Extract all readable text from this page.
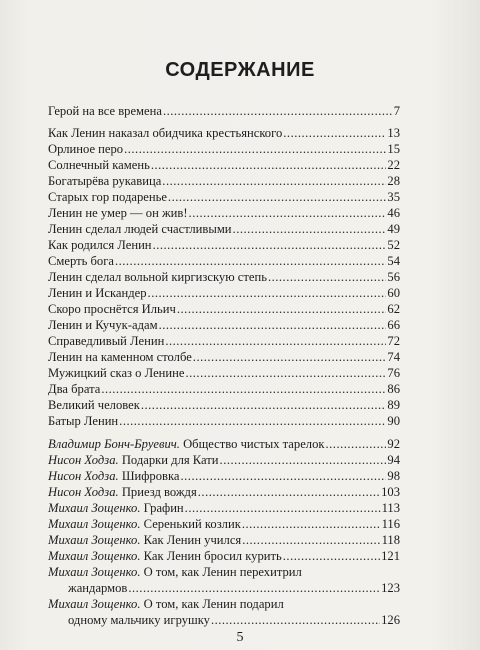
СОДЕРЖАНИЕ
Герой на все времена .....	7
Как Ленин наказал обидчика крестьянского .....	13
Орлиное перо .....	15
Солнечный камень .....	22
Богатырёва рукавица .....	28
Старых гор подаренье .....	35
Ленин не умер — он жив! .....	46
Ленин сделал людей счастливыми .....	49
Как родился Ленин .....	52
Смерть бога .....	54
Ленин сделал вольной киргизскую степь .....	56
Ленин и Искандер .....	60
Скоро проснётся Ильич .....	62
Ленин и Кучук-адам .....	66
Справедливый Ленин .....	72
Ленин на каменном столбе .....	74
Мужицкий сказ о Ленине .....	76
Два брата .....	86
Великий человек .....	89
Батыр Ленин .....	90
Владимир Бонч-Бруевич. Общество чистых тарелок .....	92
Нисон Ходза. Подарки для Кати .....	94
Нисон Ходза. Шифровка .....	98
Нисон Ходза. Приезд вождя .....	103
Михаил Зощенко. Графин .....	113
Михаил Зощенко. Серенький козлик .....	116
Михаил Зощенко. Как Ленин учился .....	118
Михаил Зощенко. Как Ленин бросил курить .....	121
Михаил Зощенко. О том, как Ленин перехитрил
жандармов .....	123
Михаил Зощенко. О том, как Ленин подарил
одному мальчику игрушку .....	126
5
